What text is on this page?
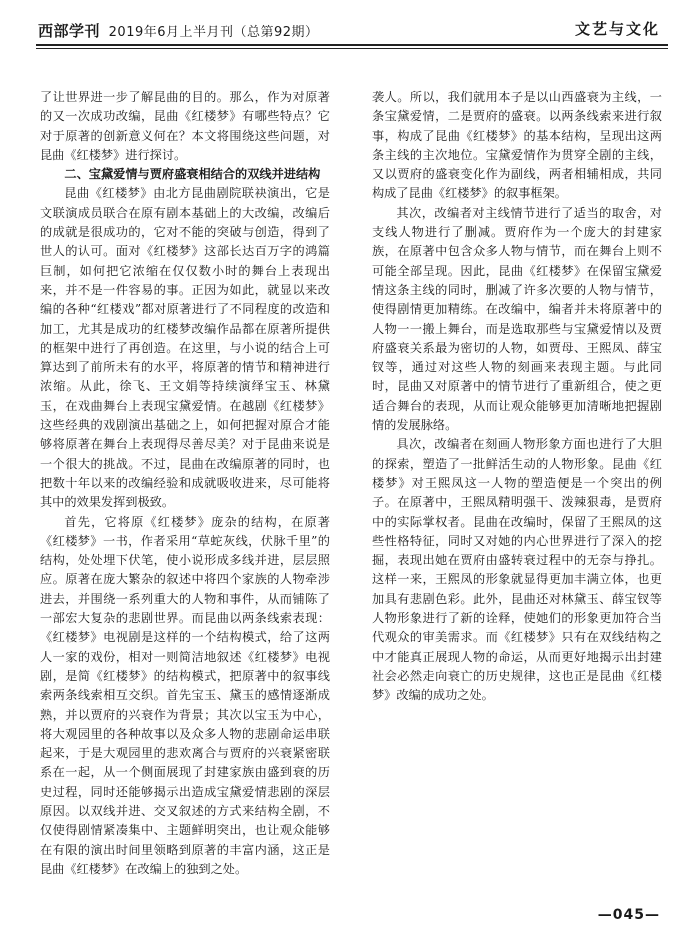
西部学刊 2019年6月上半月刊（总第92期）	文艺与文化

了让世界进一步了解昆曲的目的。那么，作为对原著的又一次成功改编，昆曲《红楼梦》有哪些特点？它对于原著的创新意义何在？本文将围绕这些问题，对昆曲《红楼梦》进行探讨。

二、宝黛爱情与贾府盛衰相结合的双线并进结构

昆曲《红楼梦》由北方昆曲剧院联袂演出，它是文联演成员联合在原有剧本基础上的大改编，改编后的成就是很成功的，它对不能的突破与创造，得到了世人的认可。面对《红楼梦》这部长达百万字的鸿篇巨制，如何把它浓缩在仅仅数小时的舞台上表现出来，并不是一件容易的事。正因为如此，就显以来改编的各种“红楼戏”都对原著进行了不同程度的改造和加工，尤其是成功的红楼梦改编作品都在原著所提供的框架中进行了再创造。在这里，与小说的结合上可算达到了前所未有的水平，将原著的情节和精神进行浓缩。从此，徐飞、王文娟等持续演绎宝玉、林黛玉，在戏曲舞台上表现宝黛爱情。在越剧《红楼梦》这些经典的戏剧演出基础之上，如何把握对原合才能够将原著在舞台上表现得尽善尽美？对于昆曲来说是一个很大的挑战。不过，昆曲在改编原著的同时，也把数十年以来的改编经验和成就吸收进来，尽可能将其中的效果发挥到极致。

首先，它将原《红楼梦》庞杂的结构，在原著《红楼梦》一书，作者采用“草蛇灰线，伏脉千里”的结构，处处埋下伏笔，使小说形成多线并进，层层照应。原著在庞大繁杂的叙述中将四个家族的人物牵涉进去，并围绕一系列重大的人物和事件，从而铺陈了一部宏大复杂的悲剧世界。而昆曲以两条线索表现：《红楼梦》电视剧是这样的一个结构模式，给了这两人一家的戏份，相对一则简洁地叙述《红楼梦》电视剧，是简《红楼梦》的结构模式，把原著中的叙事线索两条线索相互交织。首先宝玉、黛玉的感情逐渐成熟，并以贾府的兴衰作为背景；其次以宝玉为中心，将大观园里的各种故事以及众多人物的悲剧命运串联起来，于是大观园里的悲欢离合与贾府的兴衰紧密联系在一起，从一个侧面展现了封建家族由盛到衰的历史过程，同时还能够揭示出造成宝黛爱情悲剧的深层原因。以双线并进、交叉叙述的方式来结构全剧，不仅使得剧情紧凑集中、主题鲜明突出，也让观众能够在有限的演出时间里领略到原著的丰富内涵，这正是昆曲《红楼梦》在改编上的独到之处。

袭人。所以，我们就用本子是以山西盛衰为主线，一条宝黛爱情，二是贾府的盛衰。以两条线索来进行叙事，构成了昆曲《红楼梦》的基本结构，呈现出这两条主线的主次地位。宝黛爱情作为贯穿全剧的主线，又以贾府的盛衰变化作为副线，两者相辅相成，共同构成了昆曲《红楼梦》的叙事框架。

其次，改编者对主线情节进行了适当的取舍，对支线人物进行了删减。贾府作为一个庞大的封建家族，在原著中包含众多人物与情节，而在舞台上则不可能全部呈现。因此，昆曲《红楼梦》在保留宝黛爱情这条主线的同时，删减了许多次要的人物与情节，使得剧情更加精练。在改编中，编者并未将原著中的人物一一搬上舞台，而是选取那些与宝黛爱情以及贾府盛衰关系最为密切的人物，如贾母、王熙凤、薛宝钗等，通过对这些人物的刻画来表现主题。与此同时，昆曲又对原著中的情节进行了重新组合，使之更适合舞台的表现，从而让观众能够更加清晰地把握剧情的发展脉络。

具次，改编者在刻画人物形象方面也进行了大胆的探索，塑造了一批鲜活生动的人物形象。昆曲《红楼梦》对王熙凤这一人物的塑造便是一个突出的例子。在原著中，王熙凤精明强干、泼辣狠毒，是贾府中的实际掌权者。昆曲在改编时，保留了王熙凤的这些性格特征，同时又对她的内心世界进行了深入的挖掘，表现出她在贾府由盛转衰过程中的无奈与挣扎。这样一来，王熙凤的形象就显得更加丰满立体，也更加具有悲剧色彩。此外，昆曲还对林黛玉、薛宝钗等人物形象进行了新的诠释，使她们的形象更加符合当代观众的审美需求。而《红楼梦》只有在双线结构之中才能真正展现人物的命运，从而更好地揭示出封建社会必然走向衰亡的历史规律，这也正是昆曲《红楼梦》改编的成功之处。

—045—
